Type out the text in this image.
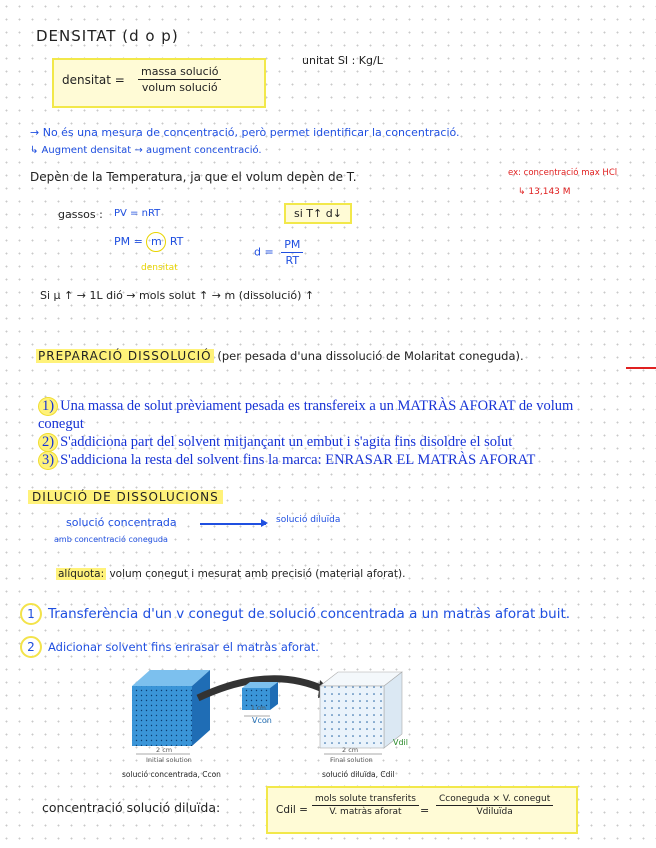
DENSITAT (d o p)
unitat SI : Kg/L
densitat = $\frac{\text{massa solució}}{\text{volum solució}}$
→ No és una mesura de concentració, però permet identificar la concentració.
↳ Augment densitat → augment concentració.
Depèn de la Temperatura, ja que el volum depèn de T.	ex: concentració max HCl
↳ 13,143 M
gassos : PV = nRT
PM = m RT
densitat
si T↑ d↓
$d = \frac{PM}{RT}$
Si μ ↑ → 1L dió → mols solut ↑ → m (dissolució) ↑
PREPARACIÓ DISSOLUCIÓ (per pesada d'una dissolució de Molaritat coneguda).
1) Una massa de solut prèviament pesada es transfereix a un MATRÀS AFORAT de volum conegut
2) S'addiciona part del solvent mitjançant un embut i s'agita fins disoldre el solut
3) S'addiciona la resta del solvent fins la marca: ENRASAR EL MATRÀS AFORAT
DILUCIÓ DE DISSOLUCIONS
solució concentrada	solució diluïda
amb concentració coneguda
alíquota: volum conegut i mesurat amb precisió (material aforat).
1 Transferència d'un v conegut de solució concentrada a un matràs aforat buit.
2 Adicionar solvent fins enrasar el matràs aforat.
1 cm
Vcon
2 cm
Initial solution
2 cm
Final solution
Vdil
solució concentrada, Ccon	solució diluïda, Cdil
concentració solució diluïda:	Cdil = $\frac{\text{mols solute transferits}}{\text{V. matràs aforat}} = \frac{\text{Cconeguda × V. conegut}}{\text{Vdiluïda}}$
